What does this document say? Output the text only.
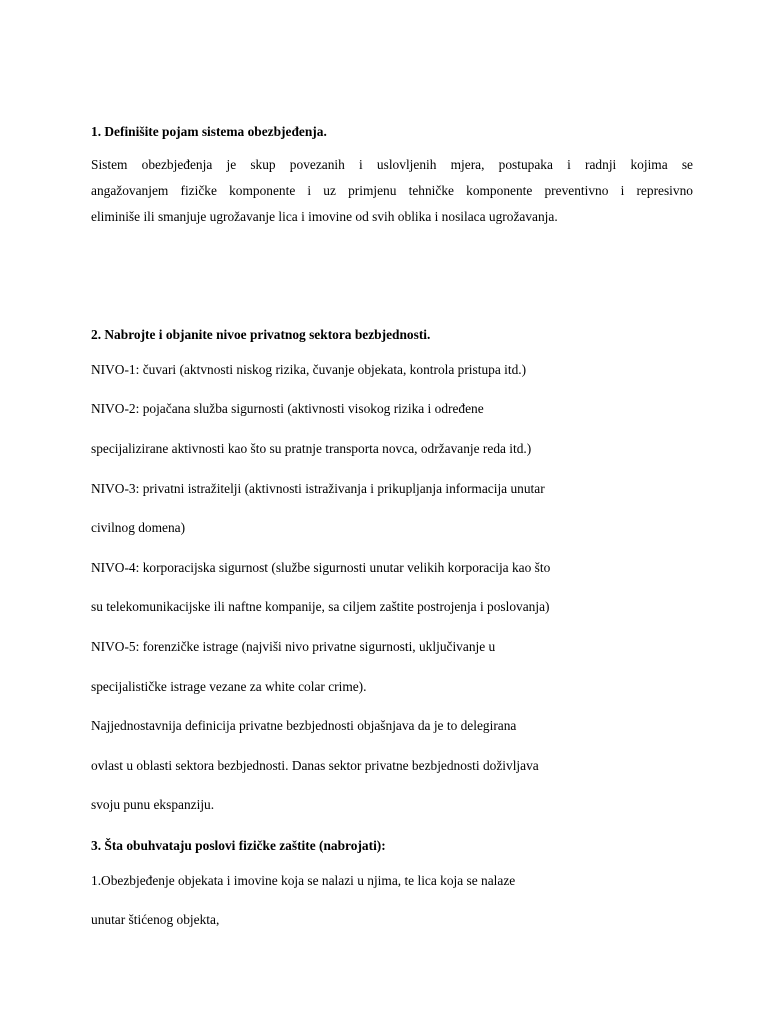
1. Definišite pojam sistema obezbjeđenja.
Sistem obezbjeđenja je skup povezanih i uslovljenih mjera, postupaka i radnji kojima se
angažovanjem fizičke komponente i uz primjenu tehničke komponente preventivno i represivno
eliminiše ili smanjuje ugrožavanje lica i imovine od svih oblika i nosilaca ugrožavanja.
2. Nabrojte i objanite nivoe privatnog sektora bezbjednosti.
NIVO-1: čuvari (aktvnosti niskog rizika, čuvanje objekata, kontrola pristupa itd.)
NIVO-2: pojačana služba sigurnosti (aktivnosti visokog rizika i određene
specijalizirane aktivnosti kao što su pratnje transporta novca, održavanje reda itd.)
NIVO-3: privatni istražitelji (aktivnosti istraživanja i prikupljanja informacija unutar
civilnog domena)
NIVO-4: korporacijska sigurnost (službe sigurnosti unutar velikih korporacija kao što
su telekomunikacijske ili naftne kompanije, sa ciljem zaštite postrojenja i poslovanja)
NIVO-5: forenzičke istrage (najviši nivo privatne sigurnosti, uključivanje u
specijalističke istrage vezane za white colar crime).
Najjednostavnija definicija privatne bezbjednosti objašnjava da je to delegirana
ovlast u oblasti sektora bezbjednosti. Danas sektor privatne bezbjednosti doživljava
svoju punu ekspanziju.
3. Šta obuhvataju poslovi fizičke zaštite (nabrojati):
1.Obezbjeđenje objekata i imovine koja se nalazi u njima, te lica koja se nalaze
unutar štićenog objekta,
